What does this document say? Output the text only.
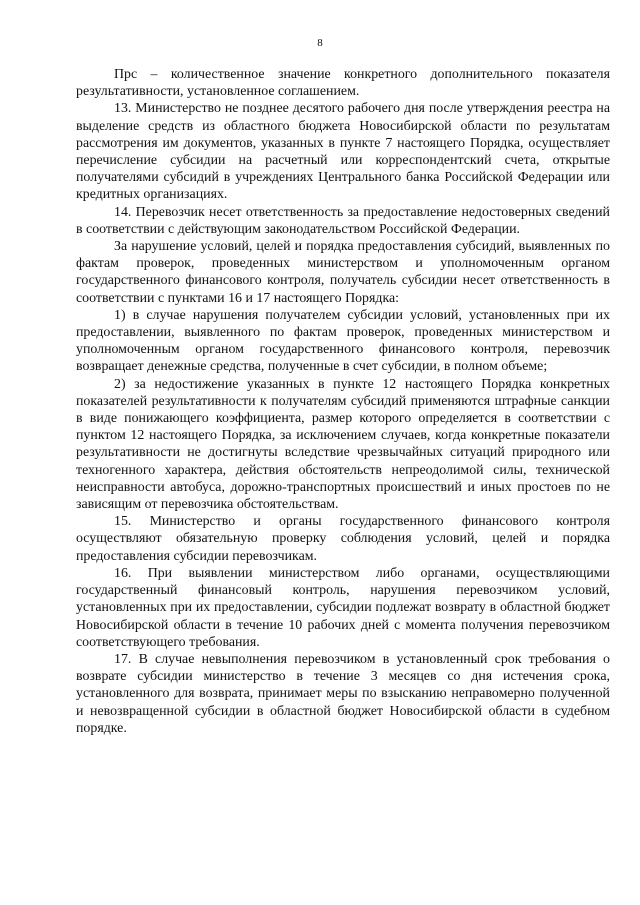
8

Прс – количественное значение конкретного дополнительного показателя результативности, установленное соглашением.

13. Министерство не позднее десятого рабочего дня после утверждения реестра на выделение средств из областного бюджета Новосибирской области по результатам рассмотрения им документов, указанных в пункте 7 настоящего Порядка, осуществляет перечисление субсидии на расчетный или корреспондентский счета, открытые получателями субсидий в учреждениях Центрального банка Российской Федерации или кредитных организациях.

14. Перевозчик несет ответственность за предоставление недостоверных сведений в соответствии с действующим законодательством Российской Федерации.

За нарушение условий, целей и порядка предоставления субсидий, выявленных по фактам проверок, проведенных министерством и уполномоченным органом государственного финансового контроля, получатель субсидии несет ответственность в соответствии с пунктами 16 и 17 настоящего Порядка:

1) в случае нарушения получателем субсидии условий, установленных при их предоставлении, выявленного по фактам проверок, проведенных министерством и уполномоченным органом государственного финансового контроля, перевозчик возвращает денежные средства, полученные в счет субсидии, в полном объеме;

2) за недостижение указанных в пункте 12 настоящего Порядка конкретных показателей результативности к получателям субсидий применяются штрафные санкции в виде понижающего коэффициента, размер которого определяется в соответствии с пунктом 12 настоящего Порядка, за исключением случаев, когда конкретные показатели результативности не достигнуты вследствие чрезвычайных ситуаций природного или техногенного характера, действия обстоятельств непреодолимой силы, технической неисправности автобуса, дорожно-транспортных происшествий и иных простоев по не зависящим от перевозчика обстоятельствам.

15. Министерство и органы государственного финансового контроля осуществляют обязательную проверку соблюдения условий, целей и порядка предоставления субсидии перевозчикам.

16. При выявлении министерством либо органами, осуществляющими государственный финансовый контроль, нарушения перевозчиком условий, установленных при их предоставлении, субсидии подлежат возврату в областной бюджет Новосибирской области в течение 10 рабочих дней с момента получения перевозчиком соответствующего требования.

17. В случае невыполнения перевозчиком в установленный срок требования о возврате субсидии министерство в течение 3 месяцев со дня истечения срока, установленного для возврата, принимает меры по взысканию неправомерно полученной и невозвращенной субсидии в областной бюджет Новосибирской области в судебном порядке.
